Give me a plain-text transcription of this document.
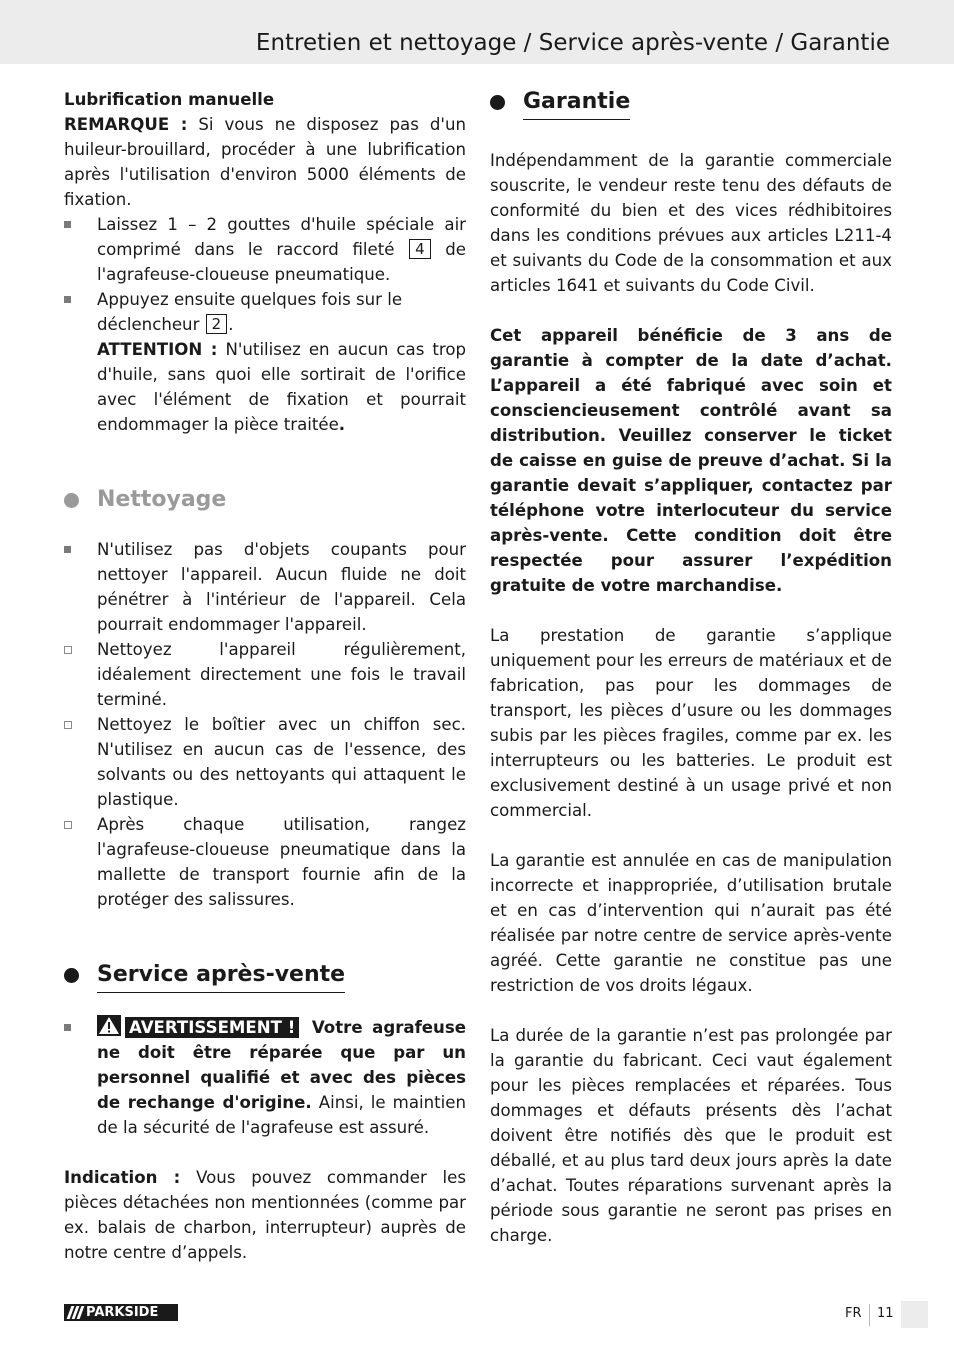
Entretien et nettoyage / Service après-vente / Garantie

Lubrification manuelle

REMARQUE : Si vous ne disposez pas d'un huileur-brouillard, procéder à une lubrification après l'utilisation d'environ 5000 éléments de fixation.

Laissez 1 – 2 gouttes d'huile spéciale air comprimé dans le raccord fileté 4 de l'agrafeuse-cloueuse pneumatique.

Appuyez ensuite quelques fois sur le déclencheur 2 .

ATTENTION : N'utilisez en aucun cas trop d'huile, sans quoi elle sortirait de l'orifice avec l'élément de fixation et pourrait endommager la pièce traitée.

Nettoyage

N'utilisez pas d'objets coupants pour nettoyer l'appareil. Aucun fluide ne doit pénétrer à l'intérieur de l'appareil. Cela pourrait endommager l'appareil.

Nettoyez l'appareil régulièrement, idéalement directement une fois le travail terminé.

Nettoyez le boîtier avec un chiffon sec. N'utilisez en aucun cas de l'essence, des solvants ou des nettoyants qui attaquent le plastique.

Après chaque utilisation, rangez l'agrafeuse-cloueuse pneumatique dans la mallette de transport fournie afin de la protéger des salissures.

Service après-vente

AVERTISSEMENT ! Votre agrafeuse ne doit être réparée que par un personnel qualifié et avec des pièces de rechange d'origine. Ainsi, le maintien de la sécurité de l'agrafeuse est assuré.

Indication : Vous pouvez commander les pièces détachées non mentionnées (comme par ex. balais de charbon, interrupteur) auprès de notre centre d’appels.

Garantie

Indépendamment de la garantie commerciale souscrite, le vendeur reste tenu des défauts de conformité du bien et des vices rédhibitoires dans les conditions prévues aux articles L211-4 et suivants du Code de la consommation et aux articles 1641 et suivants du Code Civil.

Cet appareil bénéficie de 3 ans de garantie à compter de la date d’achat. L’appareil a été fabriqué avec soin et consciencieusement contrôlé avant sa distribution. Veuillez conserver le ticket de caisse en guise de preuve d’achat. Si la garantie devait s’appliquer, contactez par téléphone votre interlocuteur du service après-vente. Cette condition doit être respectée pour assurer l’expédition gratuite de votre marchandise.

La prestation de garantie s’applique uniquement pour les erreurs de matériaux et de fabrication, pas pour les dommages de transport, les pièces d’usure ou les dommages subis par les pièces fragiles, comme par ex. les interrupteurs ou les batteries. Le produit est exclusivement destiné à un usage privé et non commercial.

La garantie est annulée en cas de manipulation incorrecte et inappropriée, d’utilisation brutale et en cas d’intervention qui n’aurait pas été réalisée par notre centre de service après-vente agréé. Cette garantie ne constitue pas une restriction de vos droits légaux.

La durée de la garantie n’est pas prolongée par la garantie du fabricant. Ceci vaut également pour les pièces remplacées et réparées. Tous dommages et défauts présents dès l’achat doivent être notifiés dès que le produit est déballé, et au plus tard deux jours après la date d’achat. Toutes réparations survenant après la période sous garantie ne seront pas prises en charge.

PARKSIDE	FR 11
